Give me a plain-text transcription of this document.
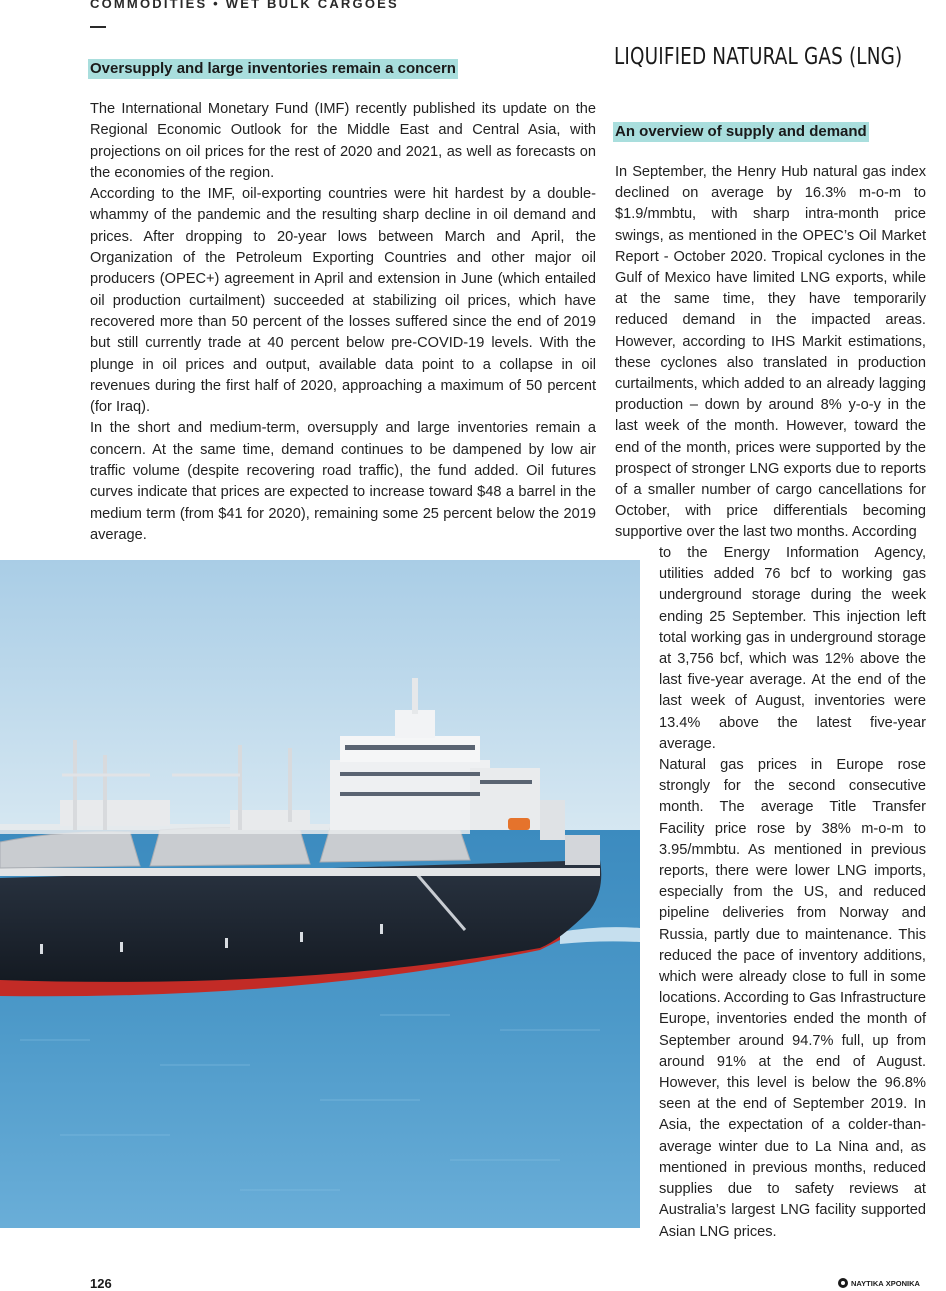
COMMODITIES • WET BULK CARGOES
Oversupply and large inventories remain a concern

The International Monetary Fund (IMF) recently published its update on the Regional Economic Outlook for the Middle East and Central Asia, with projections on oil prices for the rest of 2020 and 2021, as well as forecasts on the economies of the region.

According to the IMF, oil-exporting countries were hit hardest by a double-whammy of the pandemic and the resulting sharp decline in oil demand and prices. After dropping to 20-year lows between March and April, the Organization of the Petroleum Exporting Countries and other major oil producers (OPEC+) agreement in April and extension in June (which entailed oil production curtailment) succeeded at stabilizing oil prices, which have recovered more than 50 percent of the losses suffered since the end of 2019 but still currently trade at 40 percent below pre-COVID-19 levels. With the plunge in oil prices and output, available data point to a collapse in oil revenues during the first half of 2020, approaching a maximum of 50 percent (for Iraq).

In the short and medium-term, oversupply and large inventories remain a concern. At the same time, demand continues to be dampened by low air traffic volume (despite recovering road traffic), the fund added. Oil futures curves indicate that prices are expected to increase toward $48 a barrel in the medium term (from $41 for 2020), remaining some 25 percent below the 2019 average.

LIQUIFIED NATURAL GAS (LNG)
An overview of supply and demand

In September, the Henry Hub natural gas index declined on average by 16.3% m-o-m to $1.9/mmbtu, with sharp intra-month price swings, as mentioned in the OPEC’s Oil Market Report - October 2020. Tropical cyclones in the Gulf of Mexico have limited LNG exports, while at the same time, they have temporarily reduced demand in the impacted areas. However, according to IHS Markit estimations, these cyclones also translated in production curtailments, which added to an already lagging production – down by around 8% y-o-y in the last week of the month. However, toward the end of the month, prices were supported by the prospect of stronger LNG exports due to reports of a smaller number of cargo cancellations for October, with price differentials becoming supportive over the last two months. According

to the Energy Information Agency, utilities added 76 bcf to working gas underground storage during the week ending 25 September. This injection left total working gas in underground storage at 3,756 bcf, which was 12% above the last five-year average. At the end of the last week of August, inventories were 13.4% above the latest five-year average.

Natural gas prices in Europe rose strongly for the second consecutive month. The average Title Transfer Facility price rose by 38% m-o-m to 3.95/mmbtu. As mentioned in previous reports, there were lower LNG imports, especially from the US, and reduced pipeline deliveries from Norway and Russia, partly due to maintenance. This reduced the pace of inventory additions, which were already close to full in some locations. According to Gas Infrastructure Europe, inventories ended the month of September around 94.7% full, up from around 91% at the end of August. However, this level is below the 96.8% seen at the end of September 2019. In Asia, the expectation of a colder-than-average winter due to La Nina and, as mentioned in previous months, reduced supplies due to safety reviews at Australia’s largest LNG facility supported Asian LNG prices.

126	ΝΑΥΤΙΚΑ ΧΡΟΝΙΚΑ
